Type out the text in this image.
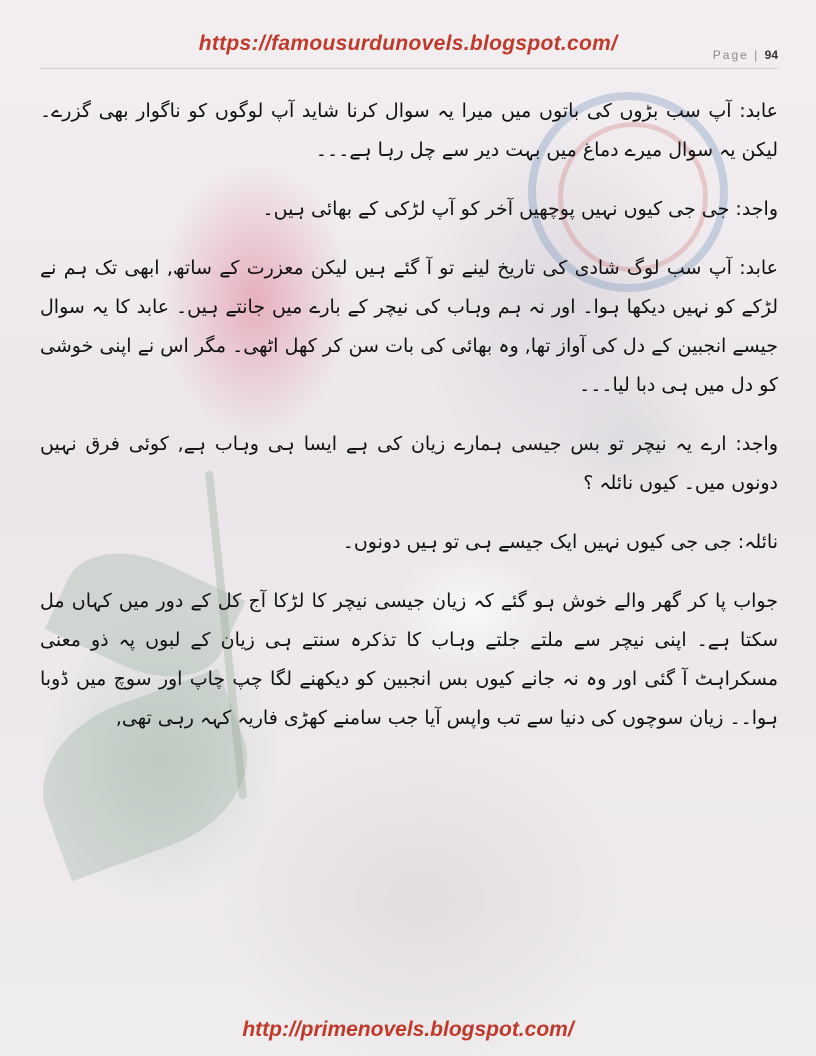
https://famousurdunovels.blogspot.com/	Page | 94

عابد: آپ سب بڑوں کی باتوں میں میرا یہ سوال کرنا شاید آپ لوگوں کو ناگوار بھی گزرے۔ لیکن یہ سوال میرے دماغ میں بہت دیر سے چل رہا ہے۔۔۔

واجد: جی جی کیوں نہیں پوچھیں آخر کو آپ لڑکی کے بھائی ہیں۔

عابد: آپ سب لوگ شادی کی تاریخ لینے تو آ گئے ہیں لیکن معزرت کے ساتھ, ابھی تک ہم نے لڑکے کو نہیں دیکھا ہوا۔ اور نہ ہم وہاب کی نیچر کے بارے میں جانتے ہیں۔ عابد کا یہ سوال جیسے انجبین کے دل کی آواز تھا, وہ بھائی کی بات سن کر کھل اٹھی۔ مگر اس نے اپنی خوشی کو دل میں ہی دبا لیا۔۔۔

واجد: ارے یہ نیچر تو بس جیسی ہمارے زیان کی ہے ایسا ہی وہاب ہے, کوئی فرق نہیں دونوں میں۔ کیوں نائلہ ؟

نائلہ: جی جی کیوں نہیں ایک جیسے ہی تو ہیں دونوں۔

جواب پا کر گھر والے خوش ہو گئے کہ زیان جیسی نیچر کا لڑکا آج کل کے دور میں کہاں مل سکتا ہے۔ اپنی نیچر سے ملتے جلتے وہاب کا تذکرہ سنتے ہی زیان کے لبوں پہ ذو معنی مسکراہٹ آ گئی اور وہ نہ جانے کیوں بس انجبین کو دیکھنے لگا چپ چاپ اور سوچ میں ڈوبا ہوا۔۔ زیان سوچوں کی دنیا سے تب واپس آیا جب سامنے کھڑی فاریہ کہہ رہی تھی,

http://primenovels.blogspot.com/
